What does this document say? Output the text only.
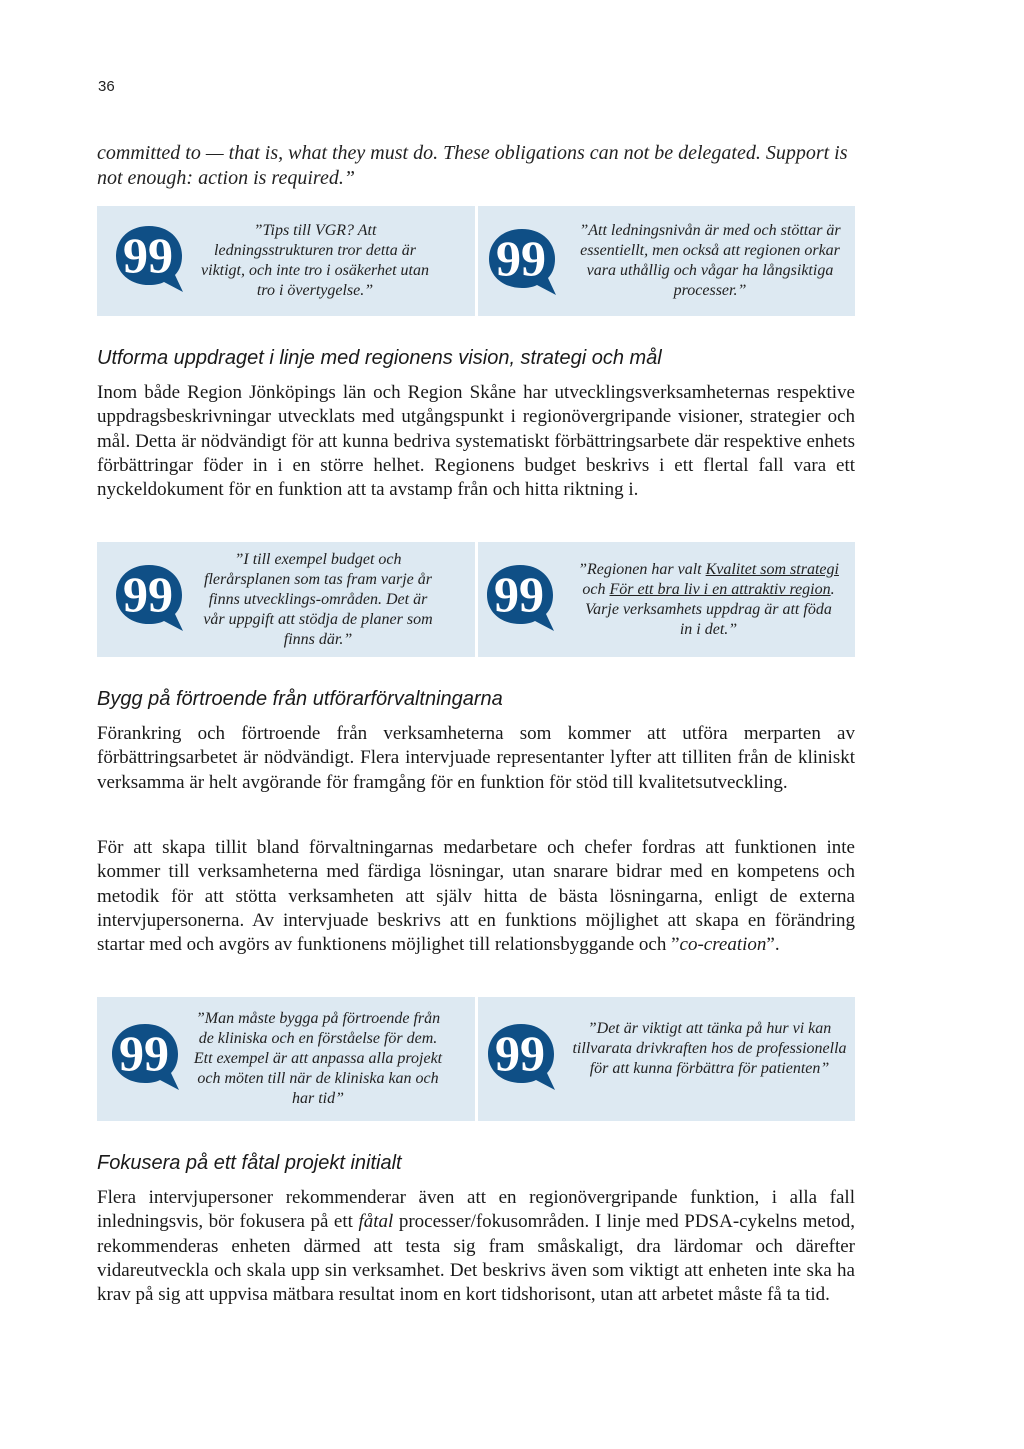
36
committed to — that is, what they must do. These obligations can not be delegated. Support is not enough: action is required.”
99	”Tips till VGR? Att ledningsstrukturen tror detta är viktigt, och inte tro i osäkerhet utan tro i övertygelse.”
99	”Att ledningsnivån är med och stöttar är essentiellt, men också att regionen orkar vara uthållig och vågar ha långsiktiga processer.”
Utforma uppdraget i linje med regionens vision, strategi och mål

Inom både Region Jönköpings län och Region Skåne har utvecklingsverksamheternas respektive uppdragsbeskrivningar utvecklats med utgångspunkt i regionövergripande visioner, strategier och mål. Detta är nödvändigt för att kunna bedriva systematiskt förbättringsarbete där respektive enhets förbättringar föder in i en större helhet. Regionens budget beskrivs i ett flertal fall vara ett nyckeldokument för en funktion att ta avstamp från och hitta riktning i.

99
”I till exempel budget och flerårsplanen som tas fram varje år finns utvecklings-områden. Det är vår uppgift att stödja de planer som finns där.”
99 ”Regionen har valt Kvalitet som strategi och För ett bra liv i en attraktiv region. Varje verksamhets uppdrag är att föda in i det.”
Bygg på förtroende från utförarförvaltningarna

Förankring och förtroende från verksamheterna som kommer att utföra merparten av förbättringsarbetet är nödvändigt. Flera intervjuade representanter lyfter att tilliten från de kliniskt verksamma är helt avgörande för framgång för en funktion för stöd till kvalitetsutveckling.

För att skapa tillit bland förvaltningarnas medarbetare och chefer fordras att funktionen inte kommer till verksamheterna med färdiga lösningar, utan snarare bidrar med en kompetens och metodik för att stötta verksamheten att själv hitta de bästa lösningarna, enligt de externa intervjupersonerna. Av intervjuade beskrivs att en funktions möjlighet att skapa en förändring startar med och avgörs av funktionens möjlighet till relationsbyggande och ”co-creation”.

99
”Man måste bygga på förtroende från de kliniska och en förståelse för dem. Ett exempel är att anpassa alla projekt och möten till när de kliniska kan och har tid”
99	”Det är viktigt att tänka på hur vi kan tillvarata drivkraften hos de professionella för att kunna förbättra för patienten”
Fokusera på ett fåtal projekt initialt

Flera intervjupersoner rekommenderar även att en regionövergripande funktion, i alla fall inledningsvis, bör fokusera på ett fåtal processer/fokusområden. I linje med PDSA-cykelns metod, rekommenderas enheten därmed att testa sig fram småskaligt, dra lärdomar och därefter vidareutveckla och skala upp sin verksamhet. Det beskrivs även som viktigt att enheten inte ska ha krav på sig att uppvisa mätbara resultat inom en kort tidshorisont, utan att arbetet måste få ta tid.
